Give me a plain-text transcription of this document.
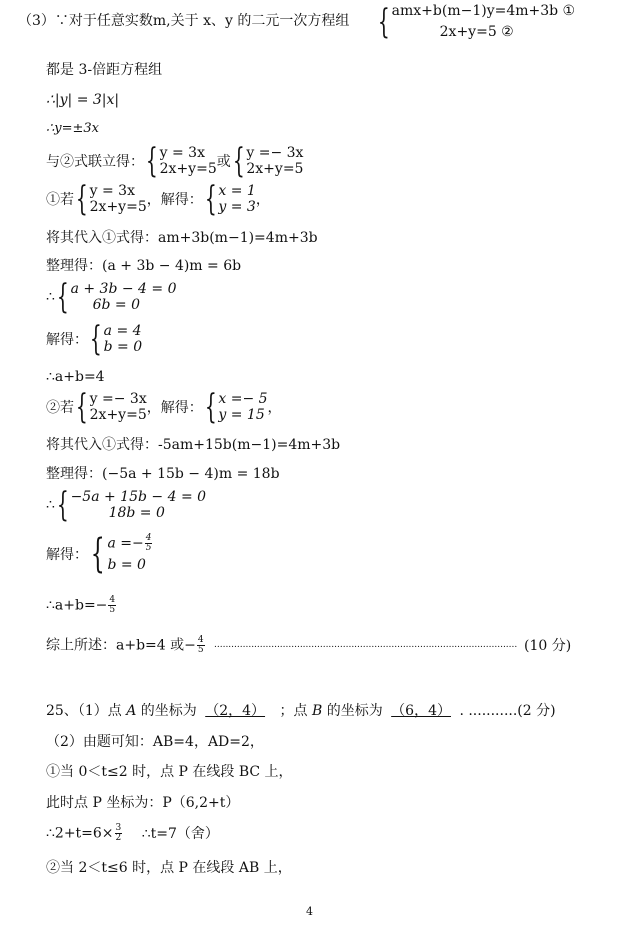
（3）∵对于任意实数m,关于 x、y 的二元一次方程组 { amx+b(m−1)y=4m+3b ①
2x+y=5 ②
都是 3-倍距方程组
∴|y| = 3|x|
∴y=±3x
与②式联立得： { y = 3x
2x+y=5 或 { y =− 3x
2x+y=5
①若 { y = 3x
2x+y=5 ，解得： { x = 1
y = 3 ，
将其代入①式得：am+3b(m−1)=4m+3b
整理得：(a + 3b − 4)m = 6b
∴ { a + 3b − 4 = 0
6b = 0
解得： { a = 4
b = 0
∴a+b=4
②若 { y =− 3x
2x+y=5 ，解得： { x =− 5
y = 15 ，
将其代入①式得：-5am+15b(m−1)=4m+3b
整理得：(−5a + 15b − 4)m = 18b
∴ { −5a + 15b − 4 = 0
18b = 0
解得： { $a =- \frac{4}{5}$
b = 0
∴a+b=− $\frac{4}{5}$
综上所述：a+b=4 或− $\frac{4}{5}$ .......................................................................................................... (10 分)
25、（1）点 A 的坐标为 （2，4） ；点 B 的坐标为 （6，4） . ...........(2 分)
（2）由题可知：AB=4，AD=2，
①当 0＜t≤2 时，点 P 在线段 BC 上，
此时点 P 坐标为：P（6,2+t）
∴2+t=6× $\frac{3}{2}$ ∴t=7（舍）
②当 2＜t≤6 时，点 P 在线段 AB 上，
4
